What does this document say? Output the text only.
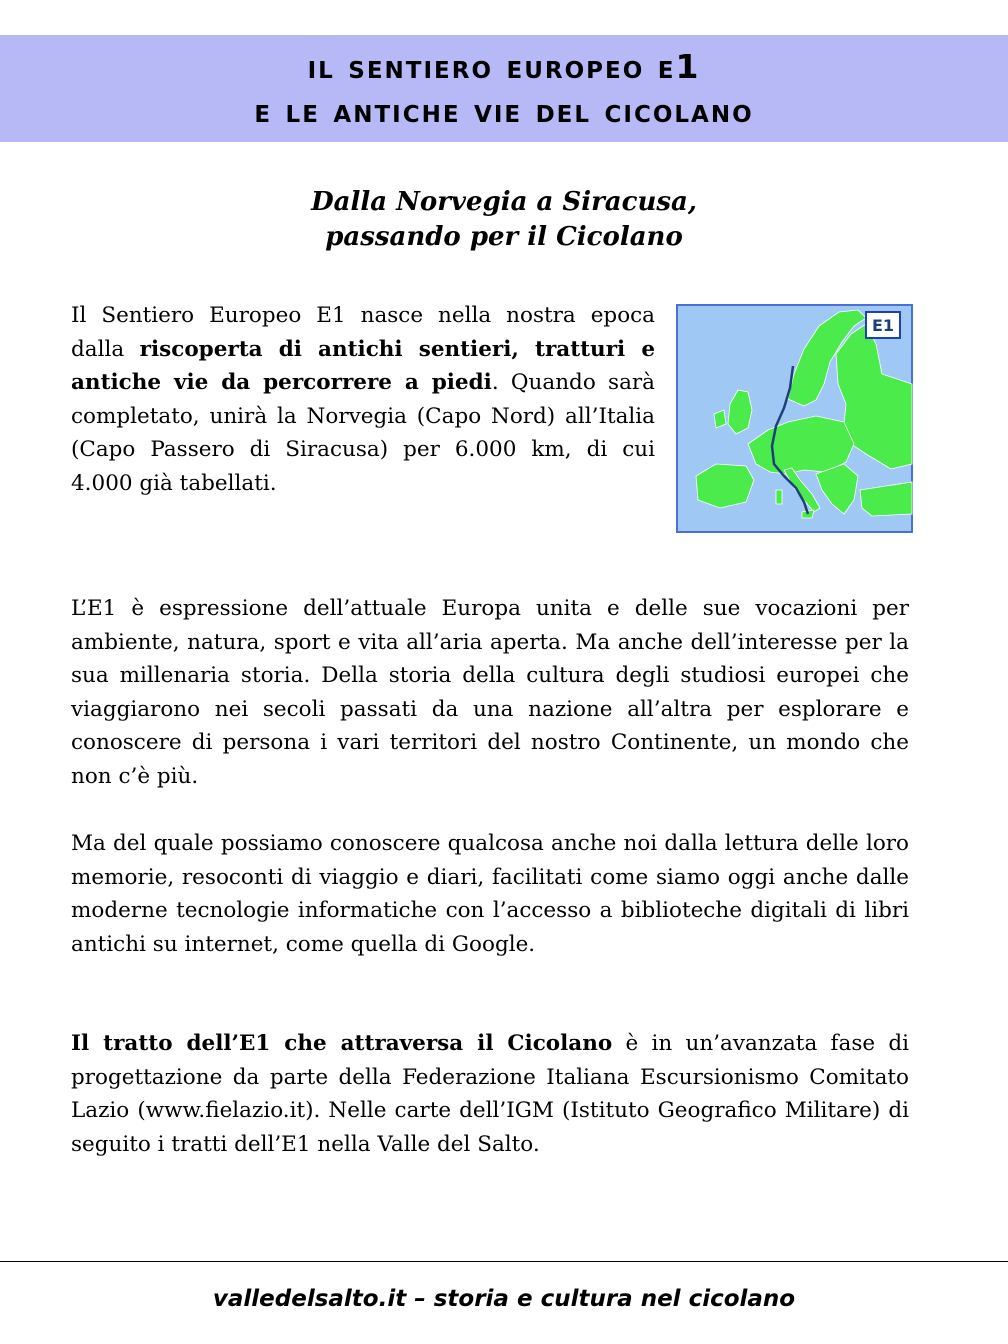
il sentiero europeo e1
e le antiche vie del cicolano
Dalla Norvegia a Siracusa,
passando per il Cicolano
Il Sentiero Europeo E1 nasce nella nostra epoca dalla riscoperta di antichi sentieri, tratturi e antiche vie da percorrere a piedi. Quando sarà completato, unirà la Norvegia (Capo Nord) all’Italia (Capo Passero di Siracusa) per 6.000 km, di cui 4.000 già tabellati.
E1
L’E1 è espressione dell’attuale Europa unita e delle sue vocazioni per ambiente, natura, sport e vita all’aria aperta. Ma anche dell’interesse per la sua millenaria storia. Della storia della cultura degli studiosi europei che viaggiarono nei secoli passati da una nazione all’altra per esplorare e conoscere di persona i vari territori del nostro Continente, un mondo che non c’è più.
Ma del quale possiamo conoscere qualcosa anche noi dalla lettura delle loro memorie, resoconti di viaggio e diari, facilitati come siamo oggi anche dalle moderne tecnologie informatiche con l’accesso a biblioteche digitali di libri antichi su internet, come quella di Google.
Il tratto dell’E1 che attraversa il Cicolano è in un’avanzata fase di progettazione da parte della Federazione Italiana Escursionismo Comitato Lazio (www.fielazio.it). Nelle carte dell’IGM (Istituto Geografico Militare) di seguito i tratti dell’E1 nella Valle del Salto.
valledelsalto.it – storia e cultura nel cicolano
